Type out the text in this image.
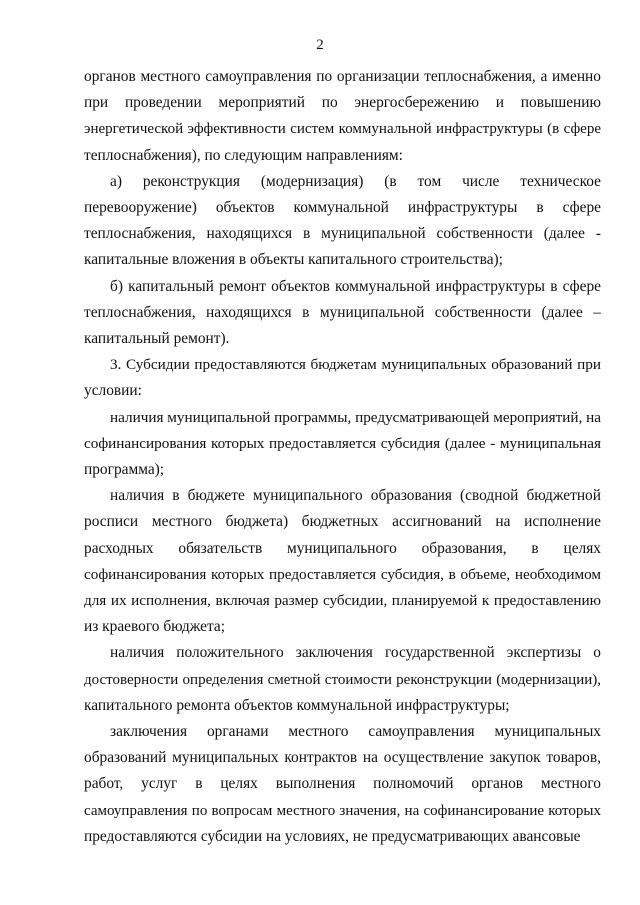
2
органов местного самоуправления по организации теплоснабжения, а именно
при проведении мероприятий по энергосбережению и повышению
энергетической эффективности систем коммунальной инфраструктуры (в сфере
теплоснабжения), по следующим направлениям:
а) реконструкция (модернизация) (в том числе техническое
перевооружение) объектов коммунальной инфраструктуры в сфере
теплоснабжения, находящихся в муниципальной собственности (далее -
капитальные вложения в объекты капитального строительства);
б) капитальный ремонт объектов коммунальной инфраструктуры в сфере
теплоснабжения, находящихся в муниципальной собственности (далее –
капитальный ремонт).
3. Субсидии предоставляются бюджетам муниципальных образований при
условии:
наличия муниципальной программы, предусматривающей мероприятий, на
софинансирования которых предоставляется субсидия (далее - муниципальная
программа);
наличия в бюджете муниципального образования (сводной бюджетной
росписи местного бюджета) бюджетных ассигнований на исполнение
расходных обязательств муниципального образования, в целях
софинансирования которых предоставляется субсидия, в объеме, необходимом
для их исполнения, включая размер субсидии, планируемой к предоставлению
из краевого бюджета;
наличия положительного заключения государственной экспертизы о
достоверности определения сметной стоимости реконструкции (модернизации),
капитального ремонта объектов коммунальной инфраструктуры;
заключения органами местного самоуправления муниципальных
образований муниципальных контрактов на осуществление закупок товаров,
работ, услуг в целях выполнения полномочий органов местного
самоуправления по вопросам местного значения, на софинансирование которых
предоставляются субсидии на условиях, не предусматривающих авансовые
